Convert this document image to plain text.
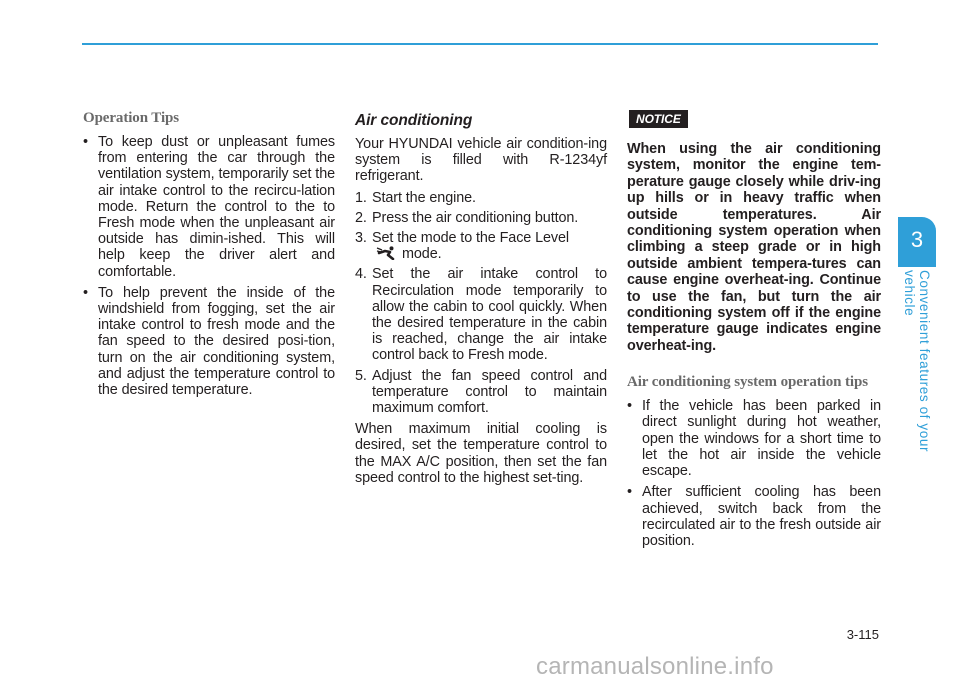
Operation Tips
• To keep dust or unpleasant fumes from entering the car through the ventilation system, temporarily set the air intake control to the recircu-lation mode. Return the control to the to Fresh mode when the unpleasant air outside has dimin-ished. This will help keep the driver alert and comfortable.
• To help prevent the inside of the windshield from fogging, set the air intake control to fresh mode and the fan speed to the desired posi-tion, turn on the air conditioning system, and adjust the temperature control to the desired temperature.
Air conditioning

Your HYUNDAI vehicle air condition-ing system is filled with R-1234yf refrigerant.

1. Start the engine.
2. Press the air conditioning button.
3. Set the mode to the Face Level
mode.
4. Set the air intake control to Recirculation mode temporarily to allow the cabin to cool quickly. When the desired temperature in the cabin is reached, change the air intake control back to Fresh mode.
5. Adjust the fan speed control and temperature control to maintain maximum comfort.

When maximum initial cooling is desired, set the temperature control to the MAX A/C position, then set the fan speed control to the highest set-ting.

NOTICE
When using the air conditioning system, monitor the engine tem-perature gauge closely while driv-ing up hills or in heavy traffic when outside temperatures. Air conditioning system operation when climbing a steep grade or in high outside ambient tempera-tures can cause engine overheat-ing. Continue to use the fan, but turn the air conditioning system off if the engine temperature gauge indicates engine overheat-ing.
Air conditioning system operation tips
• If the vehicle has been parked in direct sunlight during hot weather, open the windows for a short time to let the hot air inside the vehicle escape.
• After sufficient cooling has been achieved, switch back from the recirculated air to the fresh outside air position.
3
Convenient features of your vehicle
3-115
carmanualsonline.info
